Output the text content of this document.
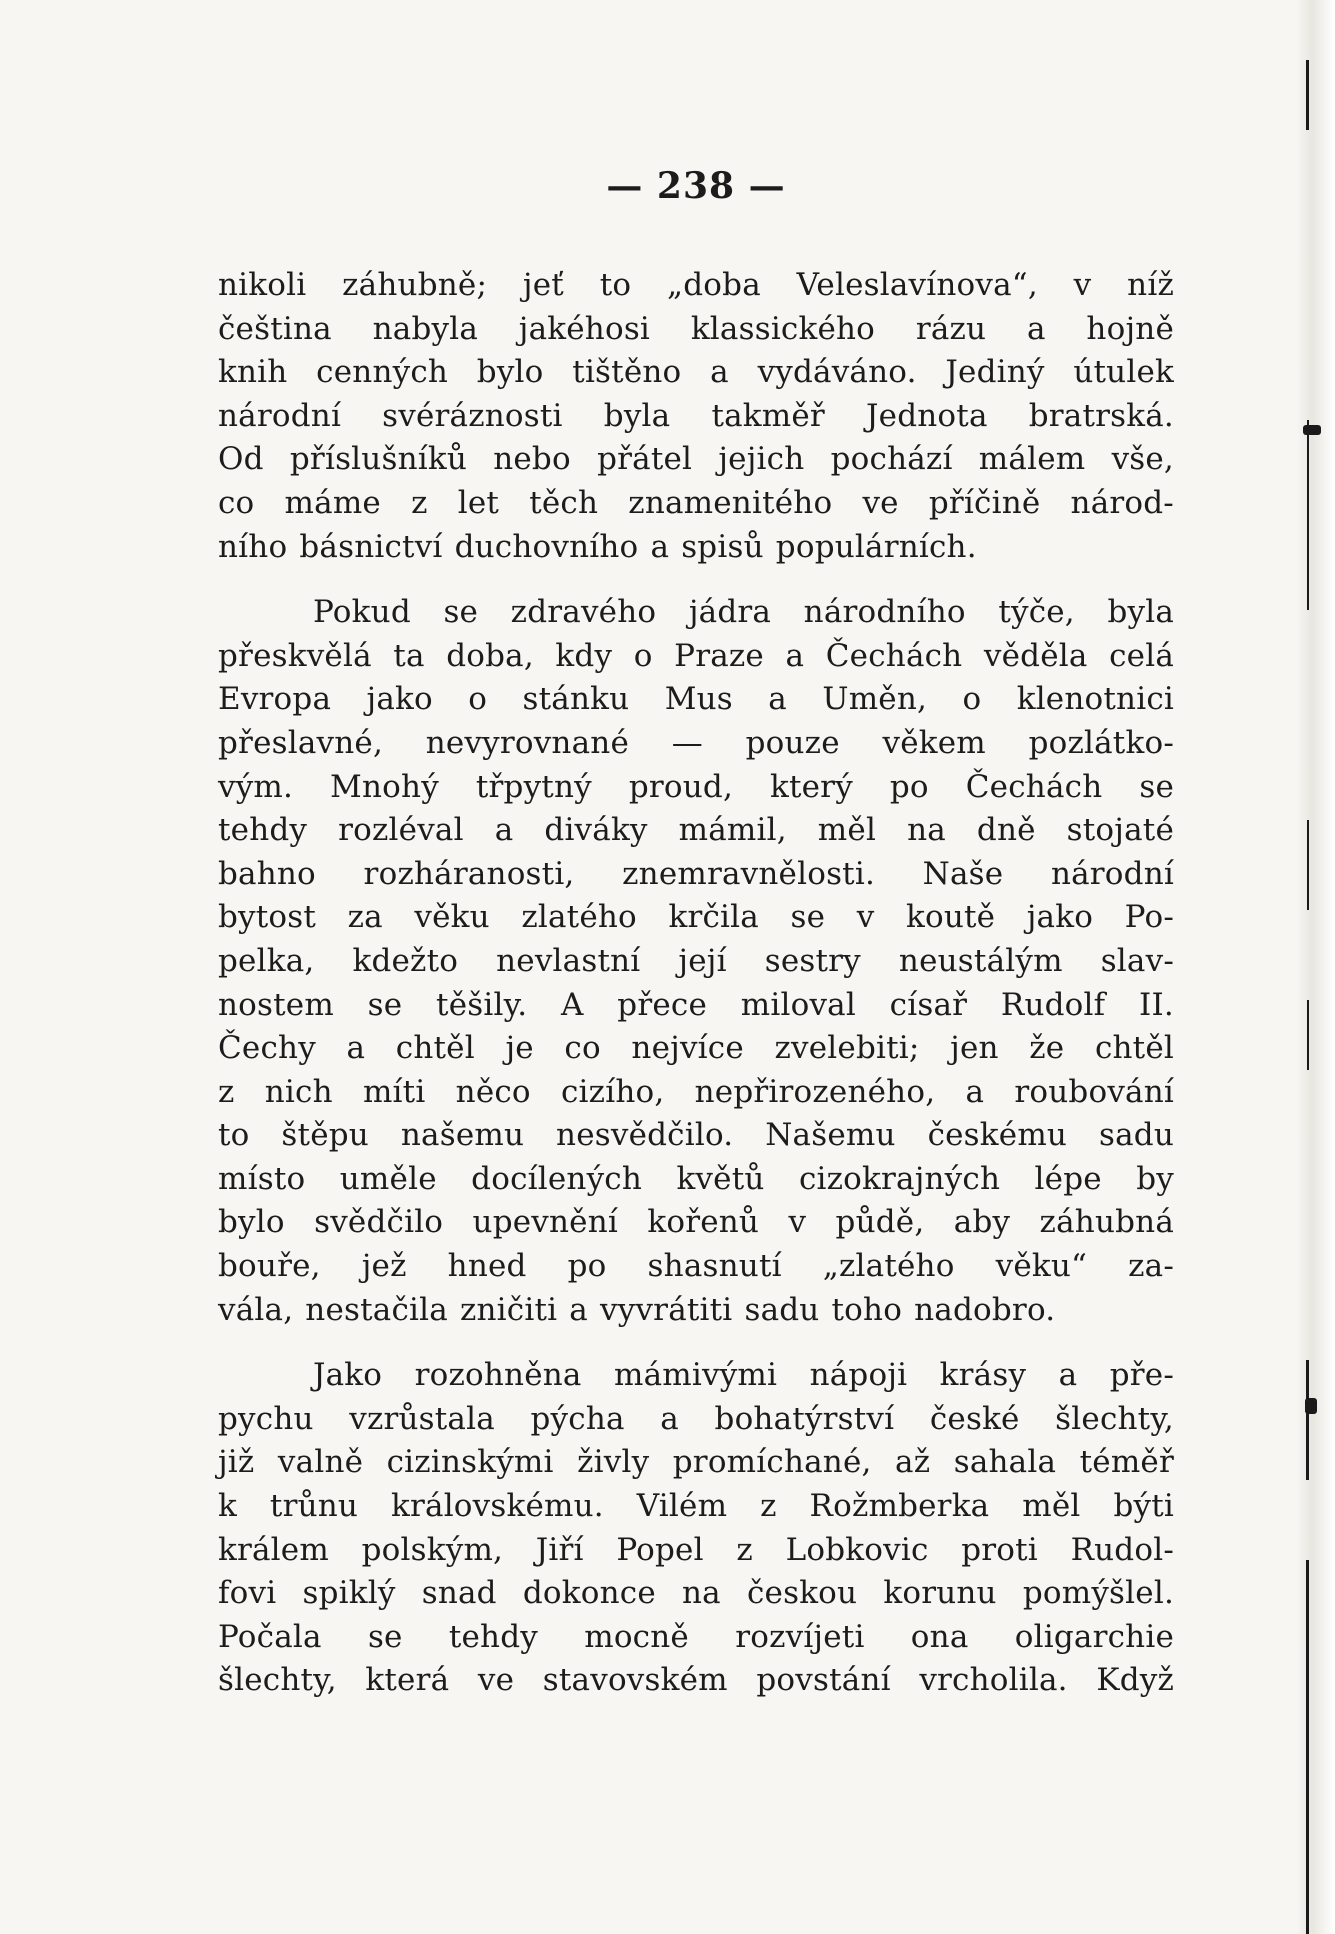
— 238 —
nikoli záhubně; jeť to „doba Veleslavínova“, v níž
čeština nabyla jakéhosi klassického rázu a hojně
knih cenných bylo tištěno a vydáváno. Jediný útulek
národní svéráznosti byla takměř Jednota bratrská.
Od příslušníků nebo přátel jejich pochází málem vše,
co máme z let těch znamenitého ve příčině národ-
ního básnictví duchovního a spisů populárních.
Pokud se zdravého jádra národního týče, byla
přeskvělá ta doba, kdy o Praze a Čechách věděla celá
Evropa jako o stánku Mus a Uměn, o klenotnici
přeslavné, nevyrovnané — pouze věkem pozlátko-
vým. Mnohý třpytný proud, který po Čechách se
tehdy rozléval a diváky mámil, měl na dně stojaté
bahno rozháranosti, znemravnělosti. Naše národní
bytost za věku zlatého krčila se v koutě jako Po-
pelka, kdežto nevlastní její sestry neustálým slav-
nostem se těšily. A přece miloval císař Rudolf II.
Čechy a chtěl je co nejvíce zvelebiti; jen že chtěl
z nich míti něco cizího, nepřirozeného, a roubování
to štěpu našemu nesvědčilo. Našemu českému sadu
místo uměle docílených květů cizokrajných lépe by
bylo svědčilo upevnění kořenů v půdě, aby záhubná
bouře, jež hned po shasnutí „zlatého věku“ za-
vála, nestačila zničiti a vyvrátiti sadu toho nadobro.
Jako rozohněna mámivými nápoji krásy a pře-
pychu vzrůstala pýcha a bohatýrství české šlechty,
již valně cizinskými živly promíchané, až sahala téměř
k trůnu královskému. Vilém z Rožmberka měl býti
králem polským, Jiří Popel z Lobkovic proti Rudol-
fovi spiklý snad dokonce na českou korunu pomýšlel.
Počala se tehdy mocně rozvíjeti ona oligarchie
šlechty, která ve stavovském povstání vrcholila. Když
